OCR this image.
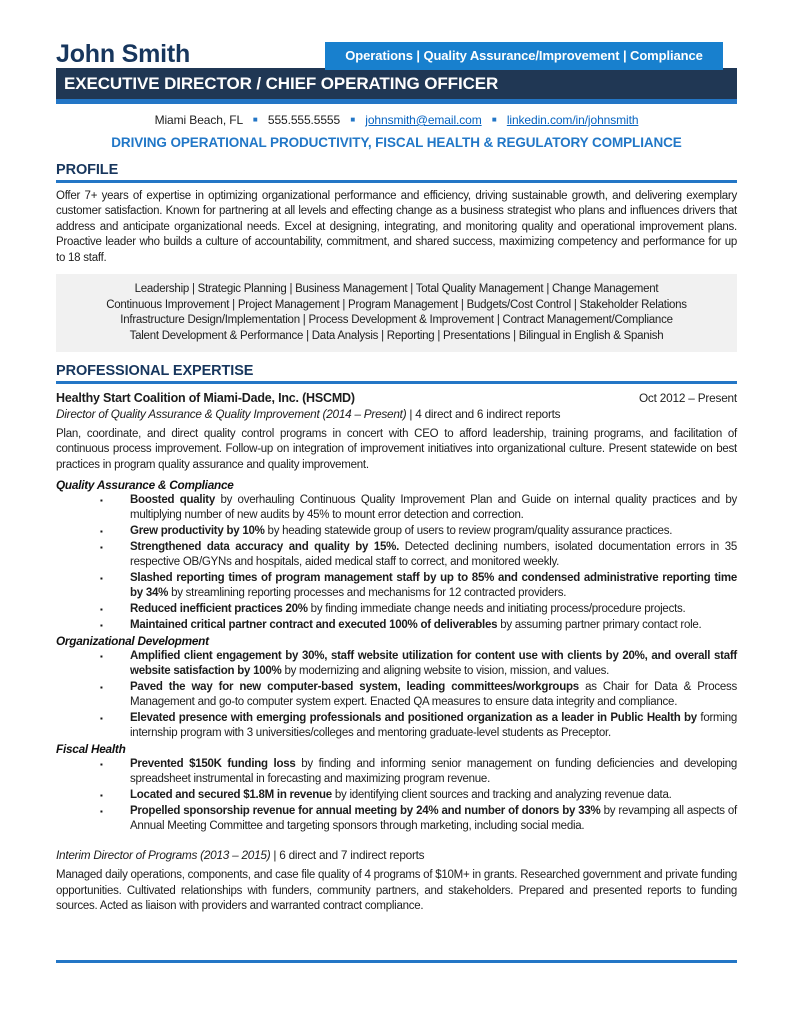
John Smith	Operations | Quality Assurance/Improvement | Compliance
EXECUTIVE DIRECTOR / CHIEF OPERATING OFFICER
Miami Beach, FL ■ 555.555.5555 ■ johnsmith@email.com ■ linkedin.com/in/johnsmith
DRIVING OPERATIONAL PRODUCTIVITY, FISCAL HEALTH & REGULATORY COMPLIANCE
PROFILE

Offer 7+ years of expertise in optimizing organizational performance and efficiency, driving sustainable growth, and delivering exemplary customer satisfaction. Known for partnering at all levels and effecting change as a business strategist who plans and influences drivers that address and anticipate organizational needs. Excel at designing, integrating, and monitoring quality and operational improvement plans. Proactive leader who builds a culture of accountability, commitment, and shared success, maximizing competency and performance for up to 18 staff.

Leadership | Strategic Planning | Business Management | Total Quality Management | Change Management
Continuous Improvement | Project Management | Program Management | Budgets/Cost Control | Stakeholder Relations
Infrastructure Design/Implementation | Process Development & Improvement | Contract Management/Compliance
Talent Development & Performance | Data Analysis | Reporting | Presentations | Bilingual in English & Spanish
PROFESSIONAL EXPERTISE
Healthy Start Coalition of Miami-Dade, Inc. (HSCMD)	Oct 2012 – Present
Director of Quality Assurance & Quality Improvement (2014 – Present) | 4 direct and 6 indirect reports

Plan, coordinate, and direct quality control programs in concert with CEO to afford leadership, training programs, and facilitation of continuous process improvement. Follow-up on integration of improvement initiatives into organizational culture. Present statewide on best practices in program quality assurance and quality improvement.

Quality Assurance & Compliance
▪	Boosted quality by overhauling Continuous Quality Improvement Plan and Guide on internal quality practices and by multiplying number of new audits by 45% to mount error detection and correction.
▪	Grew productivity by 10% by heading statewide group of users to review program/quality assurance practices.
▪	Strengthened data accuracy and quality by 15%. Detected declining numbers, isolated documentation errors in 35 respective OB/GYNs and hospitals, aided medical staff to correct, and monitored weekly.
▪	Slashed reporting times of program management staff by up to 85% and condensed administrative reporting time by 34% by streamlining reporting processes and mechanisms for 12 contracted providers.
▪	Reduced inefficient practices 20% by finding immediate change needs and initiating process/procedure projects.
▪	Maintained critical partner contract and executed 100% of deliverables by assuming partner primary contact role.
Organizational Development
▪	Amplified client engagement by 30%, staff website utilization for content use with clients by 20%, and overall staff website satisfaction by 100% by modernizing and aligning website to vision, mission, and values.
▪	Paved the way for new computer-based system, leading committees/workgroups as Chair for Data & Process Management and go-to computer system expert. Enacted QA measures to ensure data integrity and compliance.
▪	Elevated presence with emerging professionals and positioned organization as a leader in Public Health by forming internship program with 3 universities/colleges and mentoring graduate-level students as Preceptor.
Fiscal Health
▪	Prevented $150K funding loss by finding and informing senior management on funding deficiencies and developing spreadsheet instrumental in forecasting and maximizing program revenue.
▪	Located and secured $1.8M in revenue by identifying client sources and tracking and analyzing revenue data.
▪	Propelled sponsorship revenue for annual meeting by 24% and number of donors by 33% by revamping all aspects of Annual Meeting Committee and targeting sponsors through marketing, including social media.
Interim Director of Programs (2013 – 2015) | 6 direct and 7 indirect reports

Managed daily operations, components, and case file quality of 4 programs of $10M+ in grants. Researched government and private funding opportunities. Cultivated relationships with funders, community partners, and stakeholders. Prepared and presented reports to funding sources. Acted as liaison with providers and warranted contract compliance.
